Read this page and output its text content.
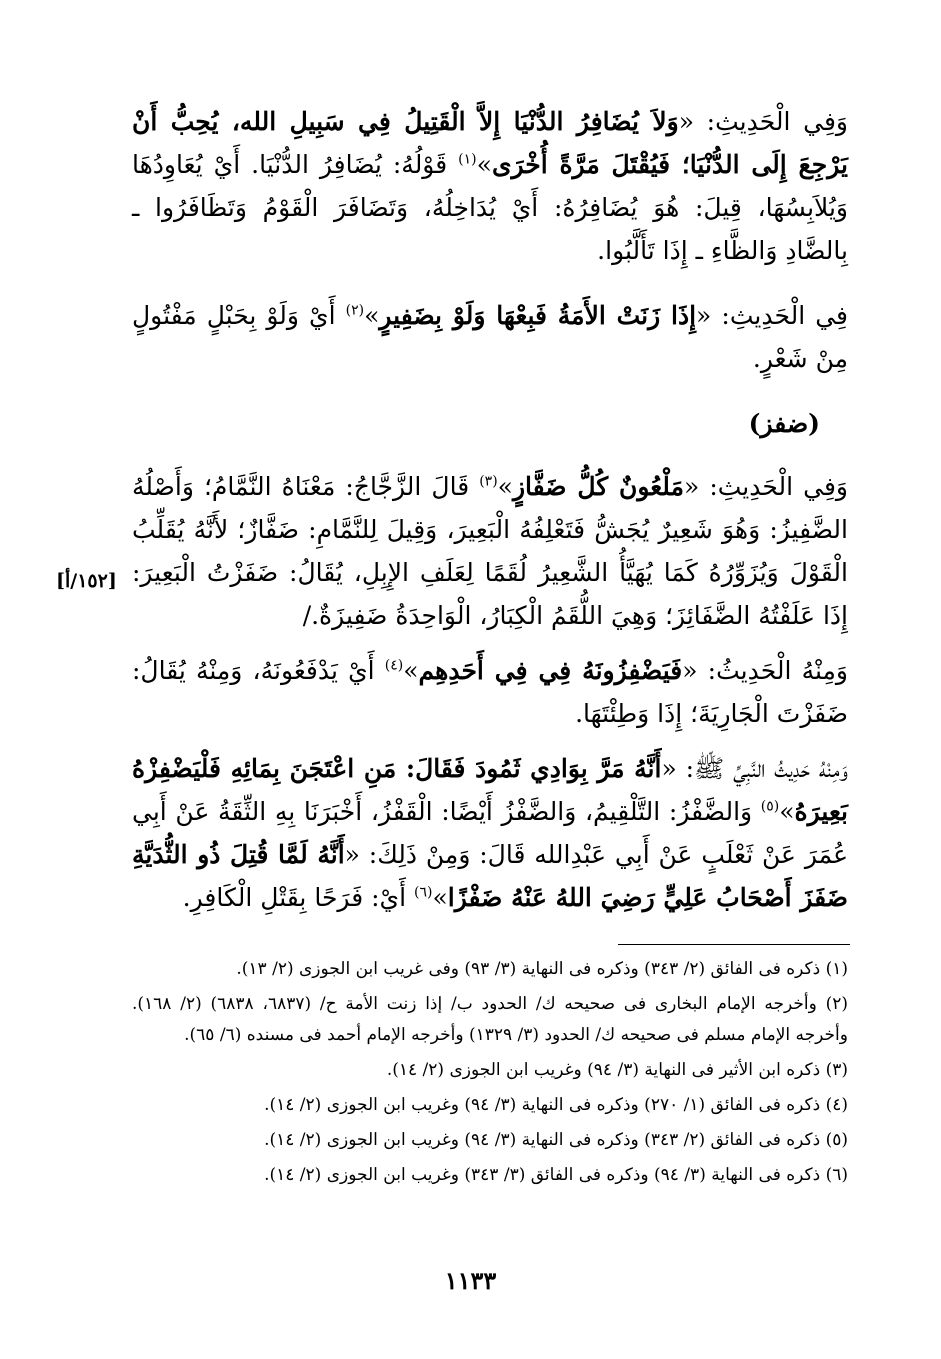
وَفِي الْحَدِيثِ: «وَلاَ يُضَافِرُ الدُّنْيَا إِلاَّ الْقَتِيلُ فِي سَبِيلِ الله، يُحِبُّ أَنْ يَرْجِعَ إِلَى الدُّنْيَا؛ فَيُقْتَلَ مَرَّةً أُخْرَى»$^{(١)}$ قَوْلُهُ: يُضَافِرُ الدُّنْيَا. أَيْ يُعَاوِدُهَا وَيُلاَبِسُهَا، قِيلَ: هُوَ يُضَافِرُهُ: أَيْ يُدَاخِلُهُ، وَتَضَافَرَ الْقَوْمُ وَتَظَافَرُوا ـ بِالضَّادِ وَالظَّاءِ ـ إِذَا تَأَلَّبُوا.

فِي الْحَدِيثِ: «إِذَا زَنَتْ الأَمَةُ فَبِعْهَا وَلَوْ بِضَفِيرٍ»$^{(٢)}$ أَيْ وَلَوْ بِحَبْلٍ مَفْتُولٍ مِنْ شَعْرٍ.

(ضفز)

وَفِي الْحَدِيثِ: «مَلْعُونٌ كُلُّ ضَفَّازٍ»$^{(٣)}$ قَالَ الزَّجَّاجُ: مَعْنَاهُ النَّمَّامُ؛ وَأَصْلُهُ الضَّفِيزُ: وَهُوَ شَعِيرٌ يُجَشُّ فَتَعْلِفُهُ الْبَعِيرَ، وَقِيلَ لِلنَّمَّامِ: ضَفَّازٌ؛ لأَنَّهُ يُقَلِّبُ الْقَوْلَ وَيُزَوِّرُهُ كَمَا يُهَيَّأُ الشَّعِيرُ لُقَمًا لِعَلَفِ الإِبِلِ، يُقَالُ: ضَفَزْتُ الْبَعِيرَ: إِذَا عَلَفْتُهُ الضَّفَائِزَ؛ وَهِيَ اللُّقَمُ الْكِبَارُ، الْوَاحِدَةُ ضَفِيزَةٌ./

وَمِنْهُ الْحَدِيثُ: «فَيَضْفِزُونَهُ فِي فِي أَحَدِهِم»$^{(٤)}$ أَيْ يَدْفَعُونَهُ، وَمِنْهُ يُقَالُ: ضَفَزْتَ الْجَارِيَةَ؛ إِذَا وَطِئْتَهَا.

وَمِنْهُ حَدِيثُ النَّبِيِّ ﷺ: «أَنَّهُ مَرَّ بِوَادِي ثَمُودَ فَقَالَ: مَنِ اعْتَجَنَ بِمَائِهِ فَلْيَضْفِزْهُ بَعِيرَهُ»$^{(٥)}$ وَالضَّفْزُ: التَّلْقِيمُ، وَالضَّفْزُ أَيْضًا: الْقَفْزُ، أَخْبَرَنَا بِهِ الثِّقَةُ عَنْ أَبِي عُمَرَ عَنْ ثَعْلَبٍ عَنْ أَبِي عَبْدِالله قَالَ: وَمِنْ ذَلِكَ: «أَنَّهُ لَمَّا قُتِلَ ذُو الثُّدَيَّةِ ضَفَزَ أَصْحَابُ عَلِيٍّ رَضِيَ اللهُ عَنْهُ ضَفْزًا»$^{(٦)}$ أَيْ: فَرَحًا بِقَتْلِ الْكَافِرِ.

[١٥٢/أ]

(١) ذكره فى الفائق (٢/ ٣٤٣) وذكره فى النهاية (٣/ ٩٣) وفى غريب ابن الجوزى (٢/ ١٣).

(٢) وأخرجه الإمام البخارى فى صحيحه ك/ الحدود ب/ إذا زنت الأمة ح/ (٦٨٣٧، ٦٨٣٨) (٢/ ١٦٨). وأخرجه الإمام مسلم فى صحيحه ك/ الحدود (٣/ ١٣٢٩) وأخرجه الإمام أحمد فى مسنده (٦/ ٦٥).

(٣) ذكره ابن الأثير فى النهاية (٣/ ٩٤) وغريب ابن الجوزى (٢/ ١٤).

(٤) ذكره فى الفائق (١/ ٢٧٠) وذكره فى النهاية (٣/ ٩٤) وغريب ابن الجوزى (٢/ ١٤).

(٥) ذكره فى الفائق (٢/ ٣٤٣) وذكره فى النهاية (٣/ ٩٤) وغريب ابن الجوزى (٢/ ١٤).

(٦) ذكره فى النهاية (٣/ ٩٤) وذكره فى الفائق (٣/ ٣٤٣) وغريب ابن الجوزى (٢/ ١٤).

١١٣٣
